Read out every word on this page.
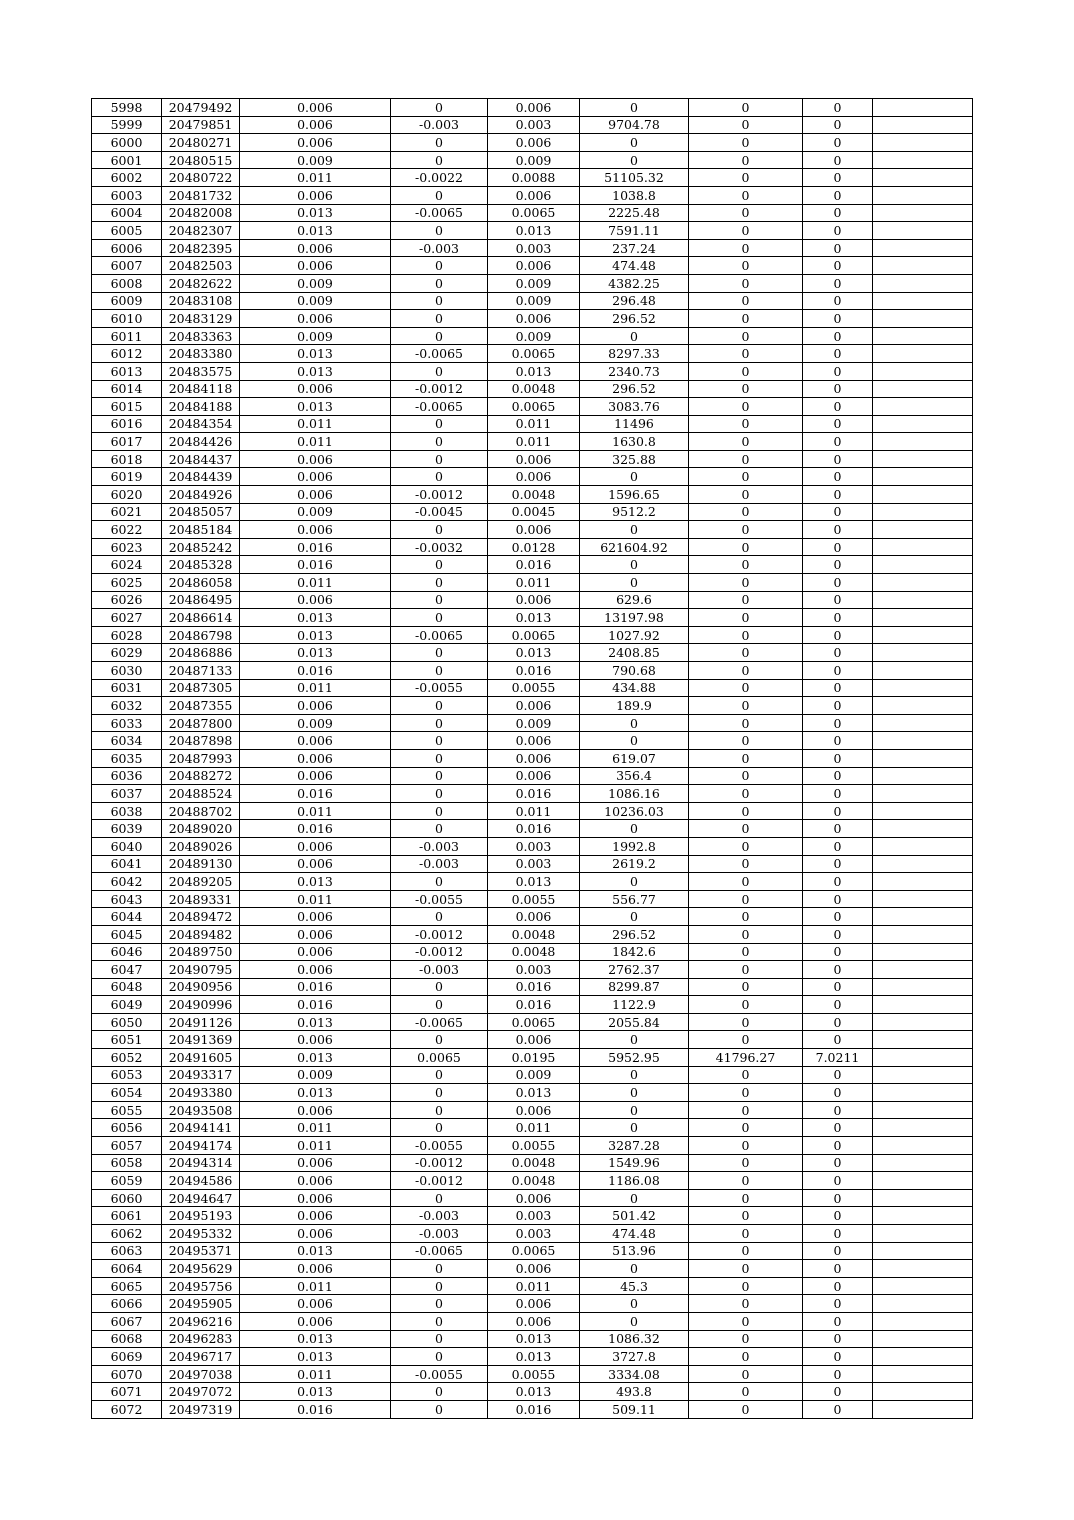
5998	20479492	0.006	0	0.006	0	0	0	
5999	20479851	0.006	-0.003	0.003	9704.78	0	0	
6000	20480271	0.006	0	0.006	0	0	0	
6001	20480515	0.009	0	0.009	0	0	0	
6002	20480722	0.011	-0.0022	0.0088	51105.32	0	0	
6003	20481732	0.006	0	0.006	1038.8	0	0	
6004	20482008	0.013	-0.0065	0.0065	2225.48	0	0	
6005	20482307	0.013	0	0.013	7591.11	0	0	
6006	20482395	0.006	-0.003	0.003	237.24	0	0	
6007	20482503	0.006	0	0.006	474.48	0	0	
6008	20482622	0.009	0	0.009	4382.25	0	0	
6009	20483108	0.009	0	0.009	296.48	0	0	
6010	20483129	0.006	0	0.006	296.52	0	0	
6011	20483363	0.009	0	0.009	0	0	0	
6012	20483380	0.013	-0.0065	0.0065	8297.33	0	0	
6013	20483575	0.013	0	0.013	2340.73	0	0	
6014	20484118	0.006	-0.0012	0.0048	296.52	0	0	
6015	20484188	0.013	-0.0065	0.0065	3083.76	0	0	
6016	20484354	0.011	0	0.011	11496	0	0	
6017	20484426	0.011	0	0.011	1630.8	0	0	
6018	20484437	0.006	0	0.006	325.88	0	0	
6019	20484439	0.006	0	0.006	0	0	0	
6020	20484926	0.006	-0.0012	0.0048	1596.65	0	0	
6021	20485057	0.009	-0.0045	0.0045	9512.2	0	0	
6022	20485184	0.006	0	0.006	0	0	0	
6023	20485242	0.016	-0.0032	0.0128	621604.92	0	0	
6024	20485328	0.016	0	0.016	0	0	0	
6025	20486058	0.011	0	0.011	0	0	0	
6026	20486495	0.006	0	0.006	629.6	0	0	
6027	20486614	0.013	0	0.013	13197.98	0	0	
6028	20486798	0.013	-0.0065	0.0065	1027.92	0	0	
6029	20486886	0.013	0	0.013	2408.85	0	0	
6030	20487133	0.016	0	0.016	790.68	0	0	
6031	20487305	0.011	-0.0055	0.0055	434.88	0	0	
6032	20487355	0.006	0	0.006	189.9	0	0	
6033	20487800	0.009	0	0.009	0	0	0	
6034	20487898	0.006	0	0.006	0	0	0	
6035	20487993	0.006	0	0.006	619.07	0	0	
6036	20488272	0.006	0	0.006	356.4	0	0	
6037	20488524	0.016	0	0.016	1086.16	0	0	
6038	20488702	0.011	0	0.011	10236.03	0	0	
6039	20489020	0.016	0	0.016	0	0	0	
6040	20489026	0.006	-0.003	0.003	1992.8	0	0	
6041	20489130	0.006	-0.003	0.003	2619.2	0	0	
6042	20489205	0.013	0	0.013	0	0	0	
6043	20489331	0.011	-0.0055	0.0055	556.77	0	0	
6044	20489472	0.006	0	0.006	0	0	0	
6045	20489482	0.006	-0.0012	0.0048	296.52	0	0	
6046	20489750	0.006	-0.0012	0.0048	1842.6	0	0	
6047	20490795	0.006	-0.003	0.003	2762.37	0	0	
6048	20490956	0.016	0	0.016	8299.87	0	0	
6049	20490996	0.016	0	0.016	1122.9	0	0	
6050	20491126	0.013	-0.0065	0.0065	2055.84	0	0	
6051	20491369	0.006	0	0.006	0	0	0	
6052	20491605	0.013	0.0065	0.0195	5952.95	41796.27	7.0211	
6053	20493317	0.009	0	0.009	0	0	0	
6054	20493380	0.013	0	0.013	0	0	0	
6055	20493508	0.006	0	0.006	0	0	0	
6056	20494141	0.011	0	0.011	0	0	0	
6057	20494174	0.011	-0.0055	0.0055	3287.28	0	0	
6058	20494314	0.006	-0.0012	0.0048	1549.96	0	0	
6059	20494586	0.006	-0.0012	0.0048	1186.08	0	0	
6060	20494647	0.006	0	0.006	0	0	0	
6061	20495193	0.006	-0.003	0.003	501.42	0	0	
6062	20495332	0.006	-0.003	0.003	474.48	0	0	
6063	20495371	0.013	-0.0065	0.0065	513.96	0	0	
6064	20495629	0.006	0	0.006	0	0	0	
6065	20495756	0.011	0	0.011	45.3	0	0	
6066	20495905	0.006	0	0.006	0	0	0	
6067	20496216	0.006	0	0.006	0	0	0	
6068	20496283	0.013	0	0.013	1086.32	0	0	
6069	20496717	0.013	0	0.013	3727.8	0	0	
6070	20497038	0.011	-0.0055	0.0055	3334.08	0	0	
6071	20497072	0.013	0	0.013	493.8	0	0	
6072	20497319	0.016	0	0.016	509.11	0	0	
